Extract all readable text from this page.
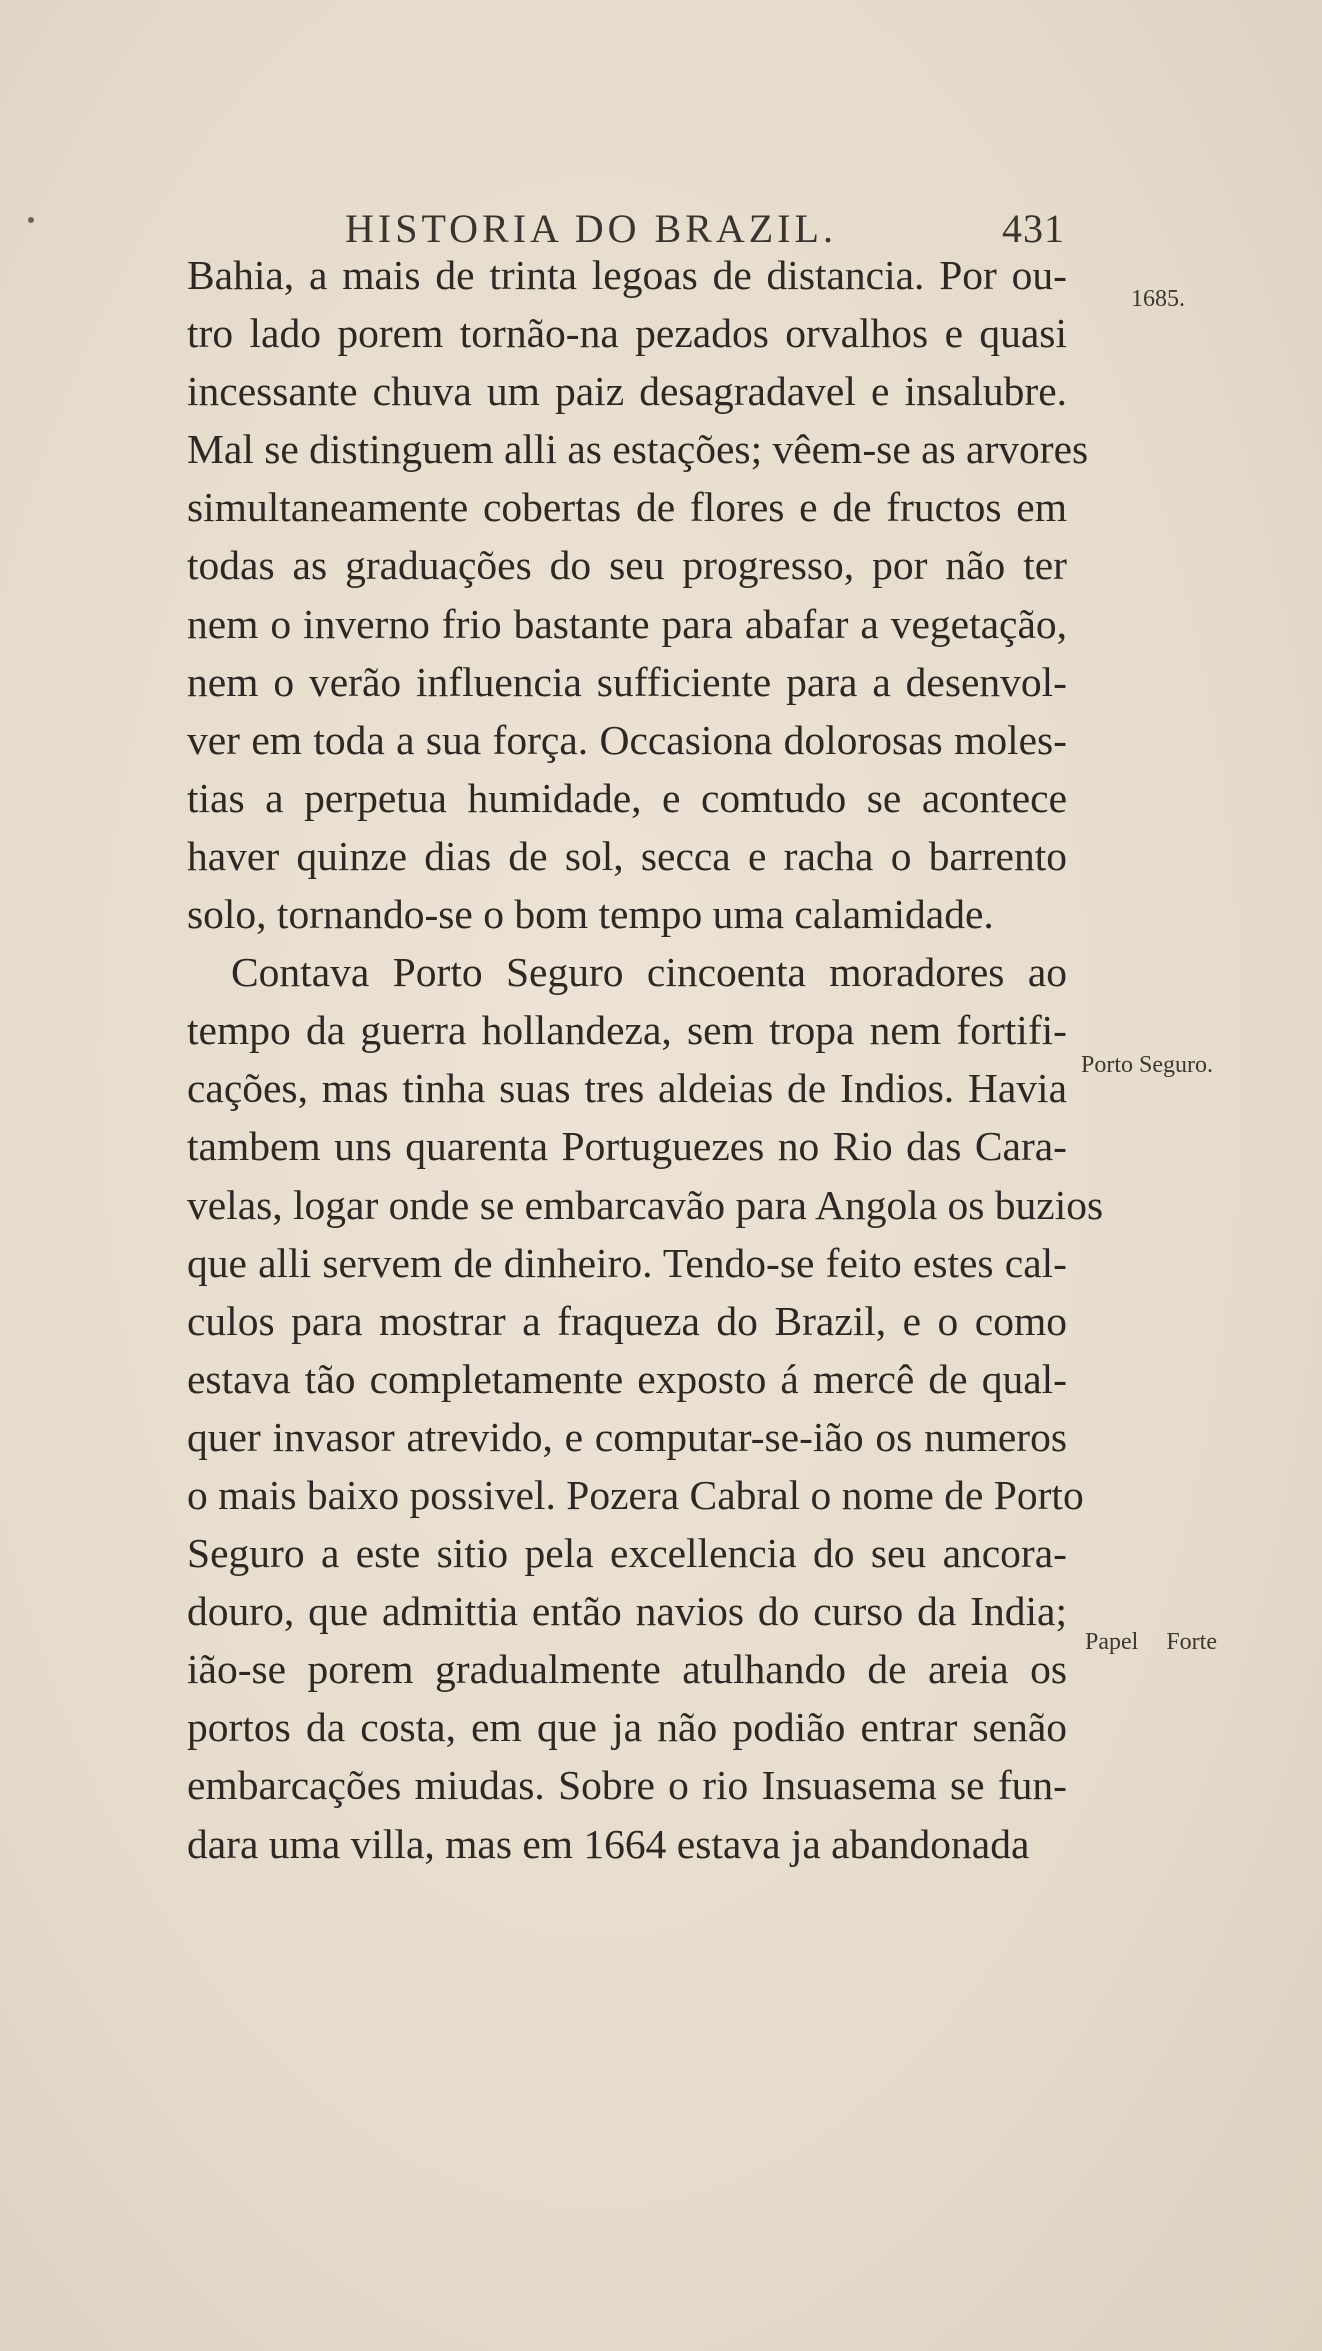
HISTORIA DO BRAZIL.	431
Bahia, a mais de trinta legoas de distancia. Por ou-
tro lado porem tornão-na pezados orvalhos e quasi
incessante chuva um paiz desagradavel e insalubre.
Mal se distinguem alli as estações; vêem-se as arvores
simultaneamente cobertas de flores e de fructos em
todas as graduações do seu progresso, por não ter
nem o inverno frio bastante para abafar a vegetação,
nem o verão influencia sufficiente para a desenvol-
ver em toda a sua força. Occasiona dolorosas moles-
tias a perpetua humidade, e comtudo se acontece
haver quinze dias de sol, secca e racha o barrento
solo, tornando-se o bom tempo uma calamidade.
Contava Porto Seguro cincoenta moradores ao
tempo da guerra hollandeza, sem tropa nem fortifi-
cações, mas tinha suas tres aldeias de Indios. Havia
tambem uns quarenta Portuguezes no Rio das Cara-
velas, logar onde se embarcavão para Angola os buzios
que alli servem de dinheiro. Tendo-se feito estes cal-
culos para mostrar a fraqueza do Brazil, e o como
estava tão completamente exposto á mercê de qual-
quer invasor atrevido, e computar-se-ião os numeros
o mais baixo possivel. Pozera Cabral o nome de Porto
Seguro a este sitio pela excellencia do seu ancora-
douro, que admittia então navios do curso da India;
ião-se porem gradualmente atulhando de areia os
portos da costa, em que ja não podião entrar senão
embarcações miudas. Sobre o rio Insuasema se fun-
dara uma villa, mas em 1664 estava ja abandonada
1685.
Porto Seguro.
Papel Forte
